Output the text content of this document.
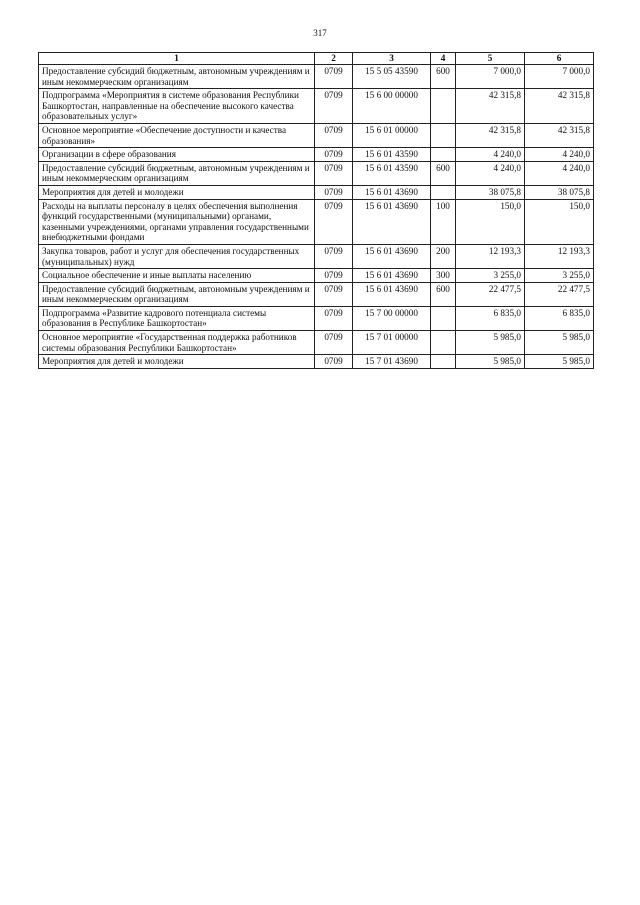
317
1	2	3	4	5	6
Предоставление субсидий бюджетным, автономным учреждениям и иным некоммерческим организациям	0709	15 5 05 43590	600	7 000,0	7 000,0
Подпрограмма «Мероприятия в системе образования Республики Башкортостан, направленные на обеспечение высокого качества образовательных услуг»	0709	15 6 00 00000		42 315,8	42 315,8
Основное мероприятие «Обеспечение доступности и качества образования»	0709	15 6 01 00000		42 315,8	42 315,8
Организации в сфере образования	0709	15 6 01 43590		4 240,0	4 240,0
Предоставление субсидий бюджетным, автономным учреждениям и иным некоммерческим организациям	0709	15 6 01 43590	600	4 240,0	4 240,0
Мероприятия для детей и молодежи	0709	15 6 01 43690		38 075,8	38 075,8
Расходы на выплаты персоналу в целях обеспечения выполнения функций государственными (муниципальными) органами, казенными учреждениями, органами управления государственными внебюджетными фондами	0709	15 6 01 43690	100	150,0	150,0
Закупка товаров, работ и услуг для обеспечения государственных (муниципальных) нужд	0709	15 6 01 43690	200	12 193,3	12 193,3
Социальное обеспечение и иные выплаты населению	0709	15 6 01 43690	300	3 255,0	3 255,0
Предоставление субсидий бюджетным, автономным учреждениям и иным некоммерческим организациям	0709	15 6 01 43690	600	22 477,5	22 477,5
Подпрограмма «Развитие кадрового потенциала системы образования в Республике Башкортостан»	0709	15 7 00 00000		6 835,0	6 835,0
Основное мероприятие «Государственная поддержка работников системы образования Республики Башкортостан»	0709	15 7 01 00000		5 985,0	5 985,0
Мероприятия для детей и молодежи	0709	15 7 01 43690		5 985,0	5 985,0
